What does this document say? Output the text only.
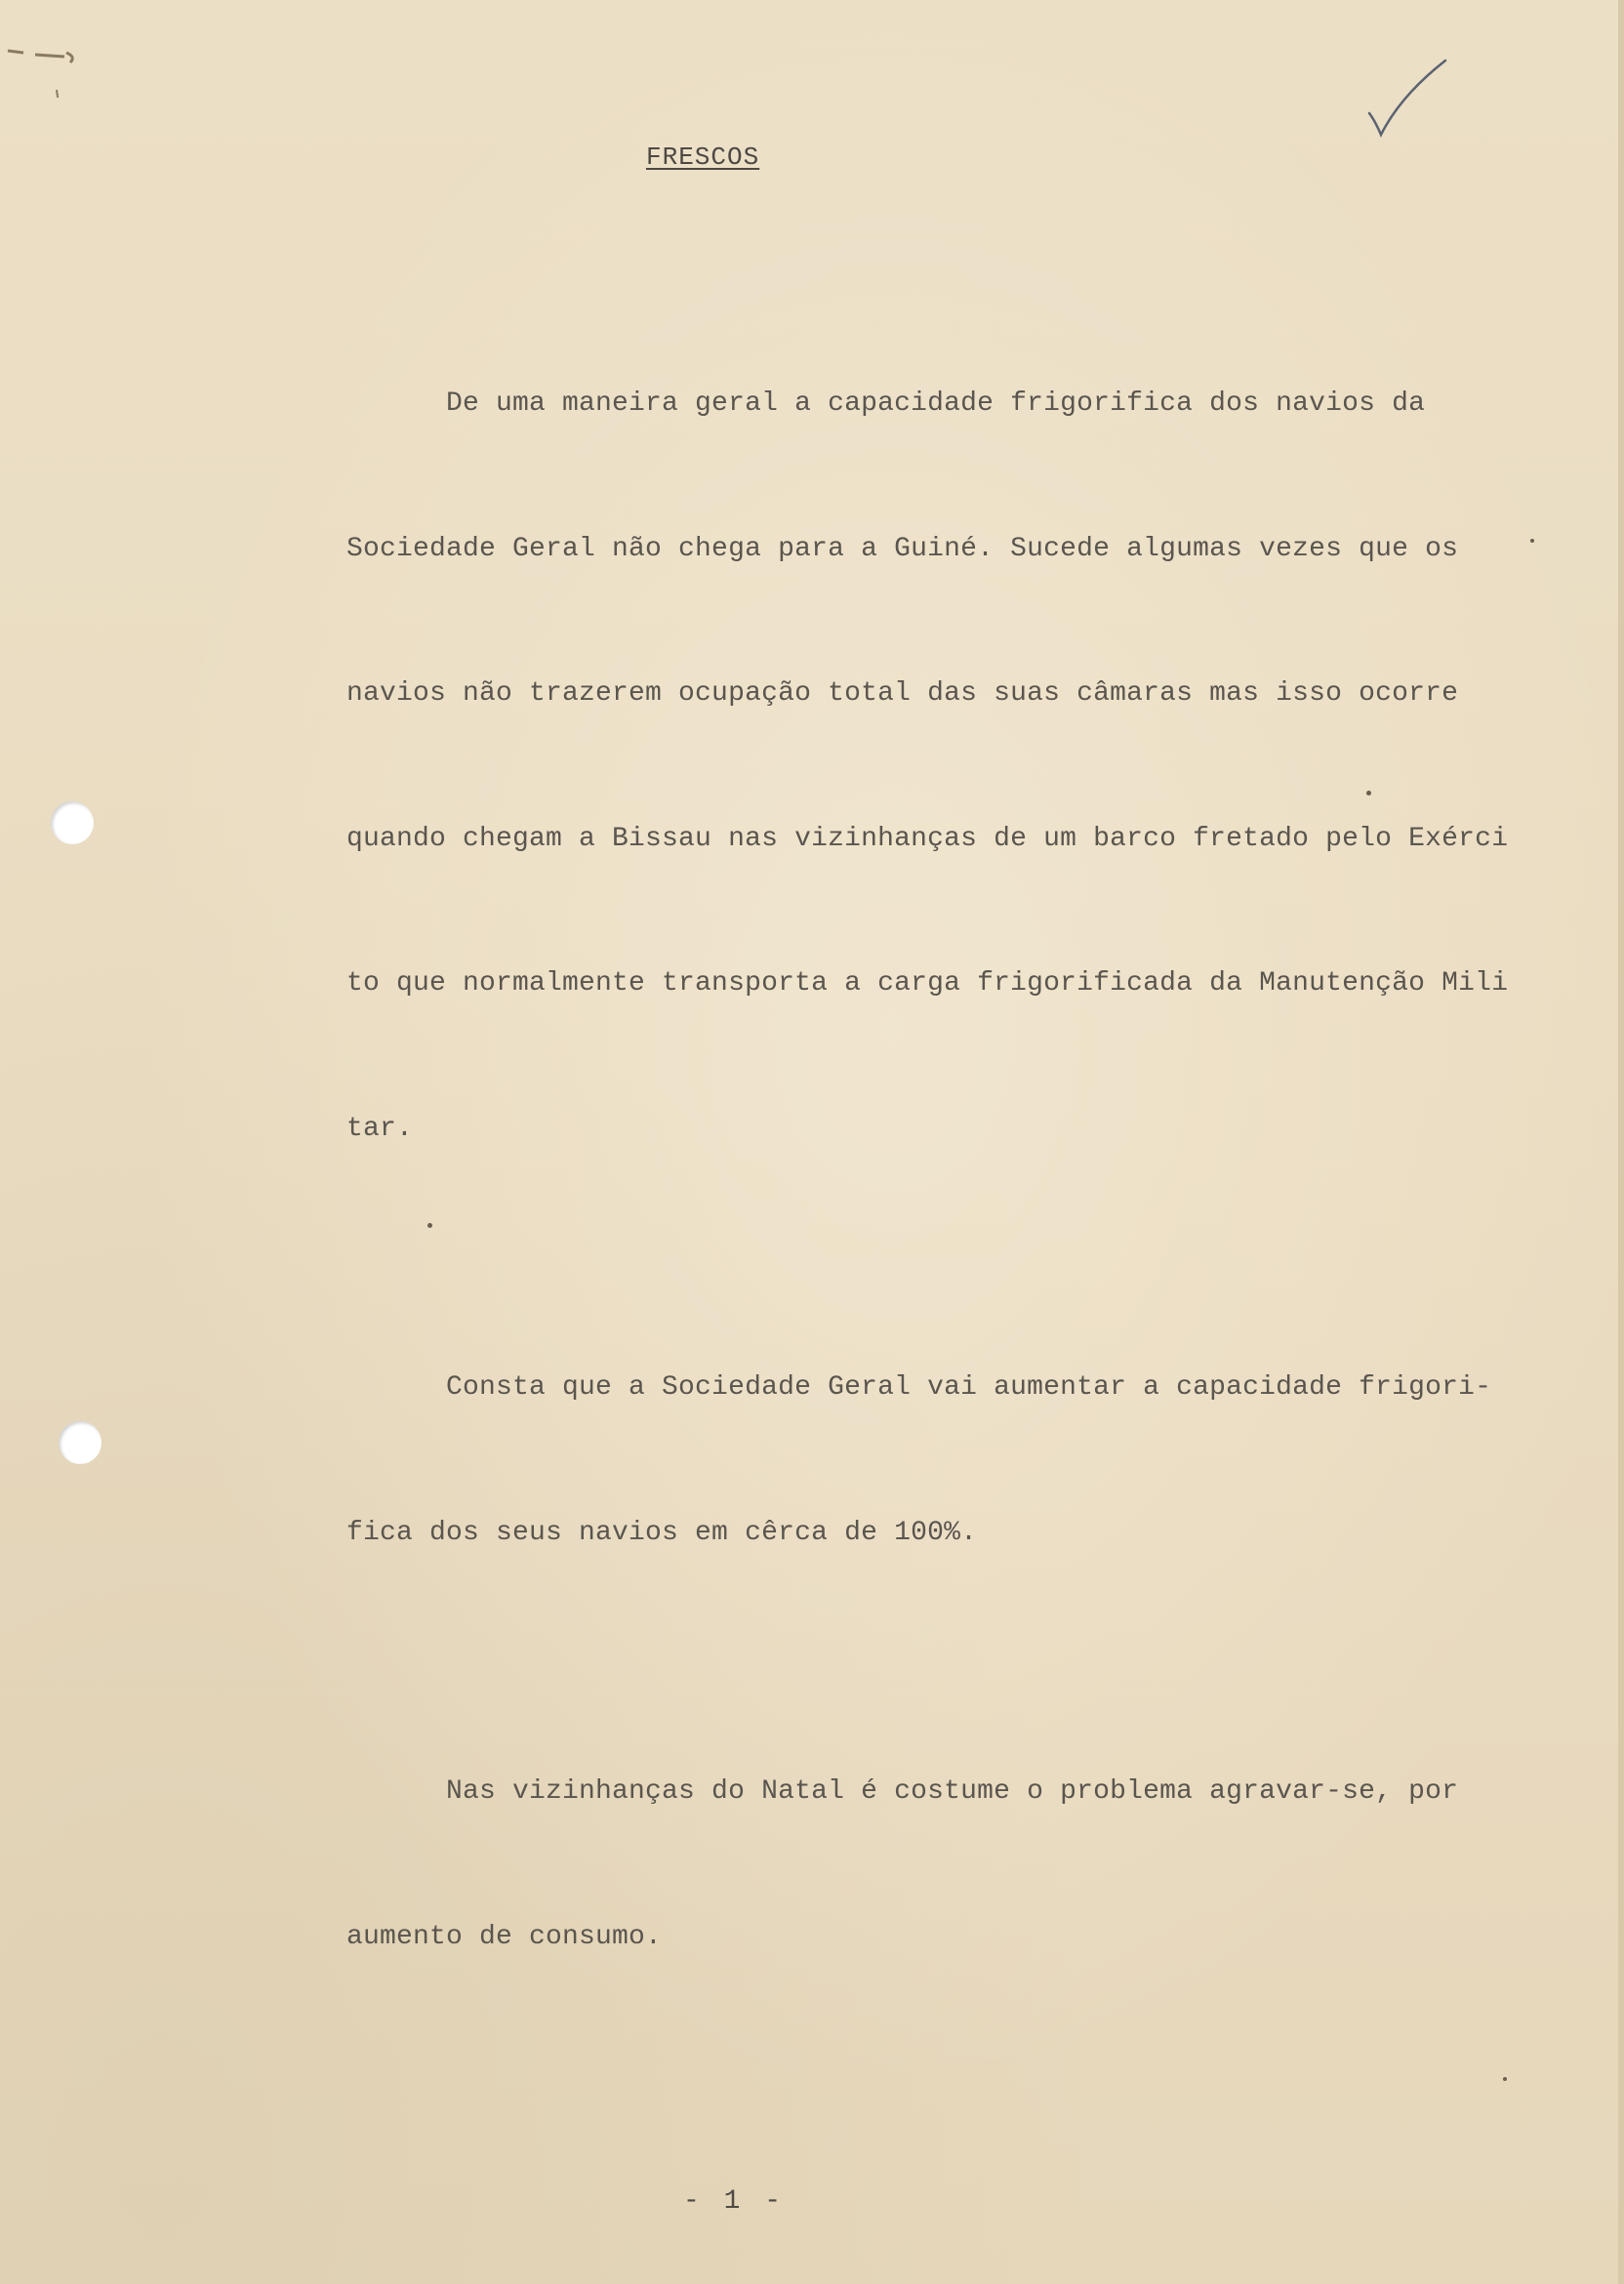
FRESCOS

De uma maneira geral a capacidade frigorifica dos navios da

Sociedade Geral não chega para a Guiné. Sucede algumas vezes que os

navios não trazerem ocupação total das suas câmaras mas isso ocorre

quando chegam a Bissau nas vizinhanças de um barco fretado pelo Exérci

to que normalmente transporta a carga frigorificada da Manutenção Mili

tar.

Consta que a Sociedade Geral vai aumentar a capacidade frigori-

fica dos seus navios em cêrca de 100%.

Nas vizinhanças do Natal é costume o problema agravar-se, por

aumento de consumo.

- 1 -
